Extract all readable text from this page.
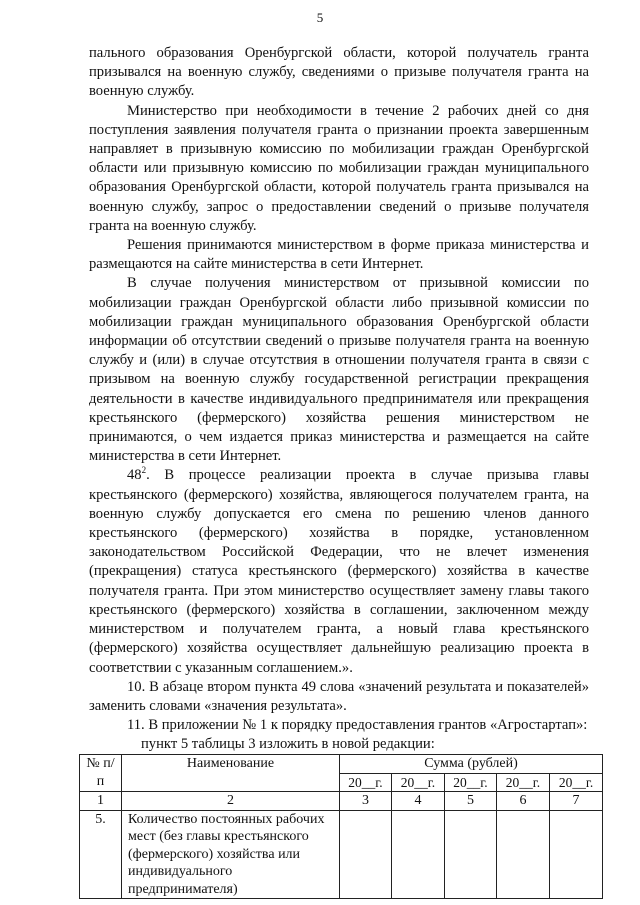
5

пального образования Оренбургской области, которой получатель гранта призывался на военную службу, сведениями о призыве получателя гранта на военную службу.

Министерство при необходимости в течение 2 рабочих дней со дня поступления заявления получателя гранта о признании проекта завершенным направляет в призывную комиссию по мобилизации граждан Оренбургской области или призывную комиссию по мобилизации граждан муниципального образования Оренбургской области, которой получатель гранта призывался на военную службу, запрос о предоставлении сведений о призыве получателя гранта на военную службу.

Решения принимаются министерством в форме приказа министерства и размещаются на сайте министерства в сети Интернет.

В случае получения министерством от призывной комиссии по мобилизации граждан Оренбургской области либо призывной комиссии по мобилизации граждан муниципального образования Оренбургской области информации об отсутствии сведений о призыве получателя гранта на военную службу и (или) в случае отсутствия в отношении получателя гранта в связи с призывом на военную службу государственной регистрации прекращения деятельности в качестве индивидуального предпринимателя или прекращения крестьянского (фермерского) хозяйства решения министерством не принимаются, о чем издается приказ министерства и размещается на сайте министерства в сети Интернет.

$48^2$. В процессе реализации проекта в случае призыва главы крестьянского (фермерского) хозяйства, являющегося получателем гранта, на военную службу допускается его смена по решению членов данного крестьянского (фермерского) хозяйства в порядке, установленном законодательством Российской Федерации, что не влечет изменения (прекращения) статуса крестьянского (фермерского) хозяйства в качестве получателя гранта. При этом министерство осуществляет замену главы такого крестьянского (фермерского) хозяйства в соглашении, заключенном между министерством и получателем гранта, а новый глава крестьянского (фермерского) хозяйства осуществляет дальнейшую реализацию проекта в соответствии с указанным соглашением.».

10. В абзаце втором пункта 49 слова «значений результата и показателей» заменить словами «значения результата».

11. В приложении № 1 к порядку предоставления грантов «Агростартап»:

пункт 5 таблицы 3 изложить в новой редакции:

№ п/п	Наименование	Сумма (рублей)				
		20__г.	20__г.	20__г.	20__г.	20__г.
1	2	3	4	5	6	7
5.	Количество постоянных рабочих мест (без главы крестьянского (фермерского) хозяйства или индивидуального предпринимателя)					
